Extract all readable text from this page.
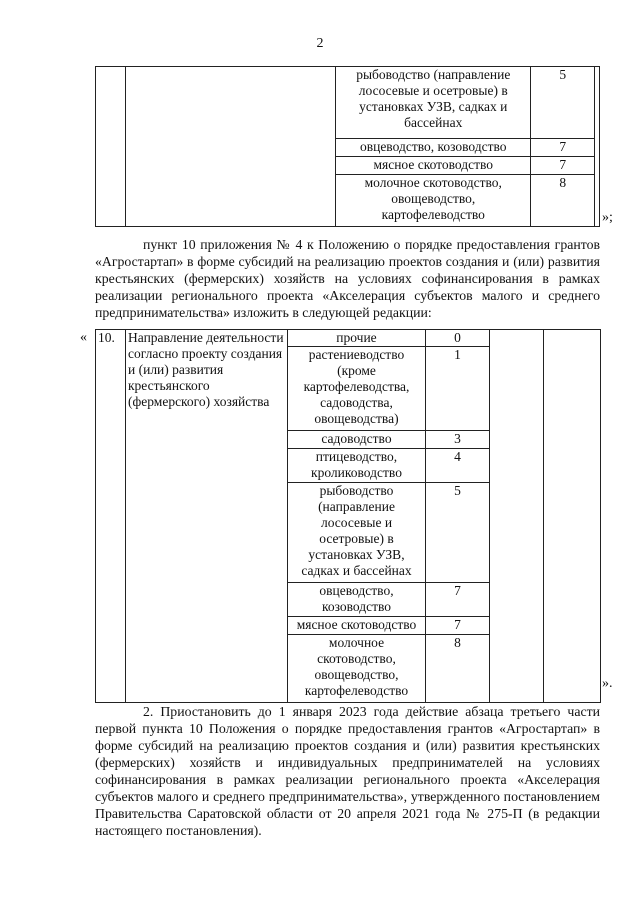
2
		рыбоводство (направление лососевые и осетровые) в установках УЗВ, садках и бассейнах	5	
		овцеводство, козоводство	7	
		мясное скотоводство	7	
		молочное скотоводство, овощеводство, картофелеводство	8	
»;

пункт 10 приложения № 4 к Положению о порядке предоставления грантов «Агростартап» в форме субсидий на реализацию проектов создания и (или) развития крестьянских (фермерских) хозяйств на условиях софинансирования в рамках реализации регионального проекта «Акселерация субъектов малого и среднего предпринимательства» изложить в следующей редакции:

« 10.	Направление деятельности согласно проекту создания и (или) развития крестьянского (фермерского) хозяйства	прочие	0		
		растениеводство (кроме картофелеводства, садоводства, овощеводства)	1		
		садоводство	3		
		птицеводство, кролиководство	4		
		рыбоводство (направление лососевые и осетровые) в установках УЗВ, садках и бассейнах	5		
		овцеводство, козоводство	7		
		мясное скотоводство	7		
		молочное скотоводство, овощеводство, картофелеводство	8		
».

2. Приостановить до 1 января 2023 года действие абзаца третьего части первой пункта 10 Положения о порядке предоставления грантов «Агростартап» в форме субсидий на реализацию проектов создания и (или) развития крестьянских (фермерских) хозяйств и индивидуальных предпринимателей на условиях софинансирования в рамках реализации регионального проекта «Акселерация субъектов малого и среднего предпринимательства», утвержденного постановлением Правительства Саратовской области от 20 апреля 2021 года № 275-П (в редакции настоящего постановления).
